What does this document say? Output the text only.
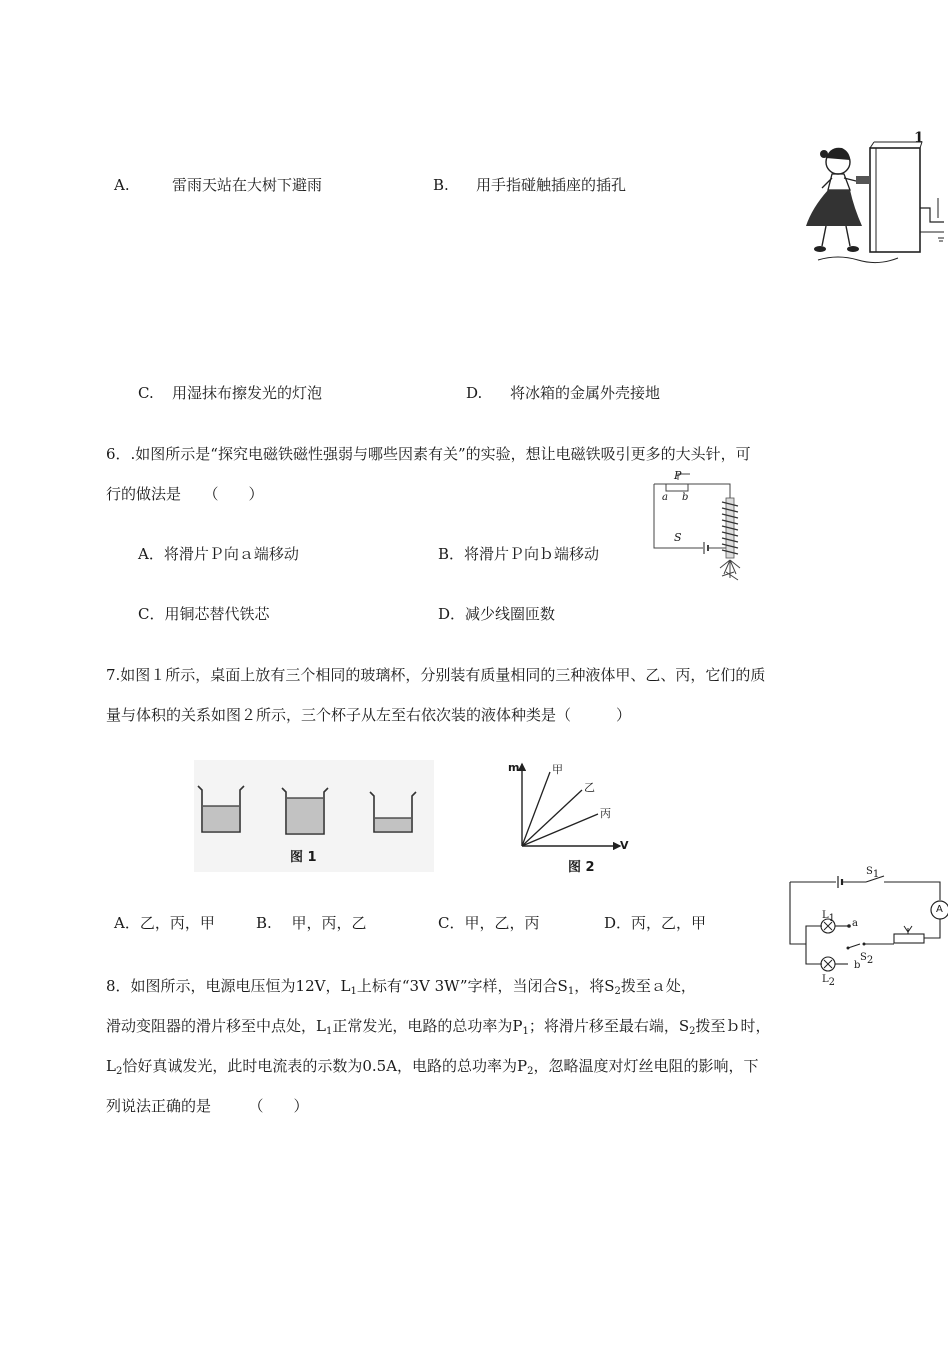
A.	雷雨天站在大树下避雨	B. 用手指碰触插座的插孔
1
C. 用湿抹布擦发光的灯泡	D. 将冰箱的金属外壳接地
6．.如图所示是“探究电磁铁磁性强弱与哪些因素有关”的实验，想让电磁铁吸引更多的大头针，可
行的做法是　　（　　）
P
a b
S
A．将滑片Ｐ向ａ端移动	B．将滑片Ｐ向ｂ端移动
C．用铜芯替代铁芯	D．减少线圈匝数
7.如图１所示，桌面上放有三个相同的玻璃杯，分别装有质量相同的三种液体甲、乙、丙，它们的质
量与体积的关系如图２所示，三个杯子从左至右依次装的液体种类是（　　　）
图 1
m
V
甲
乙
丙
图 2
A．乙，丙，甲	B.　 甲，丙，乙	C．甲，乙，丙	D．丙，乙，甲
$S_1$
A
$L_1$ a
$S_2$
b
$L_2$
8．如图所示，电源电压恒为12V，$L_1$上标有“3V 3W”字样，当闭合$S_1$，将$S_2$拨至ａ处，
滑动变阻器的滑片移至中点处，$L_1$正常发光，电路的总功率为$P_1$；将滑片移至最右端，$S_2$拨至ｂ时，
$L_2$恰好真诚发光，此时电流表的示数为0.5A，电路的总功率为$P_2$，忽略温度对灯丝电阻的影响，下
列说法正确的是　　　（　　）
